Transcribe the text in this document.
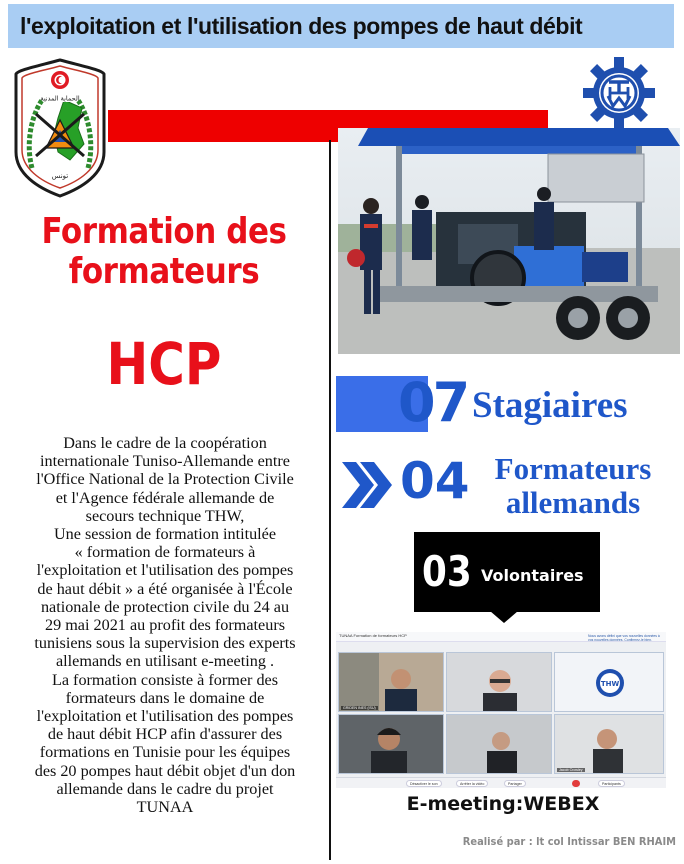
l'exploitation et l'utilisation des pompes de haut débit
الحماية المدنية
تونس
Formation des
formateurs
HCP
Dans le cadre de la coopération
internationale Tuniso-Allemande entre
l'Office National de la Protection Civile
et l'Agence fédérale allemande de
secours technique THW,
Une session de formation intitulée
« formation de formateurs à
l'exploitation et l'utilisation des pompes
de haut débit » a été organisée à l'École
nationale de protection civile du 24 au
29 mai 2021 au profit des formateurs
tunisiens sous la supervision des experts
allemands en utilisant e-meeting .
La formation consiste à former des
formateurs dans le domaine de
l'exploitation et l'utilisation des pompes
de haut débit HCP afin d'assurer des
formations en Tunisie pour les équipes
des 20 pompes haut débit objet d'un don
allemande dans le cadre du projet
TUNAA
07 Stagiaires
04 Formateurs
allemands
03 Volontaires
TUNAA Formation de formateurs HCP	Nous avons défini que vos nouvelles données à vos nouvelles données. Confirmez-le bien.
GRIDEN INES (ISU)
THW
Jacob Crowley
Désactiver le son	Arrêter la vidéo	Partager	Participants
E-meeting:WEBEX
Realisé par : lt col Intissar BEN RHAIM
